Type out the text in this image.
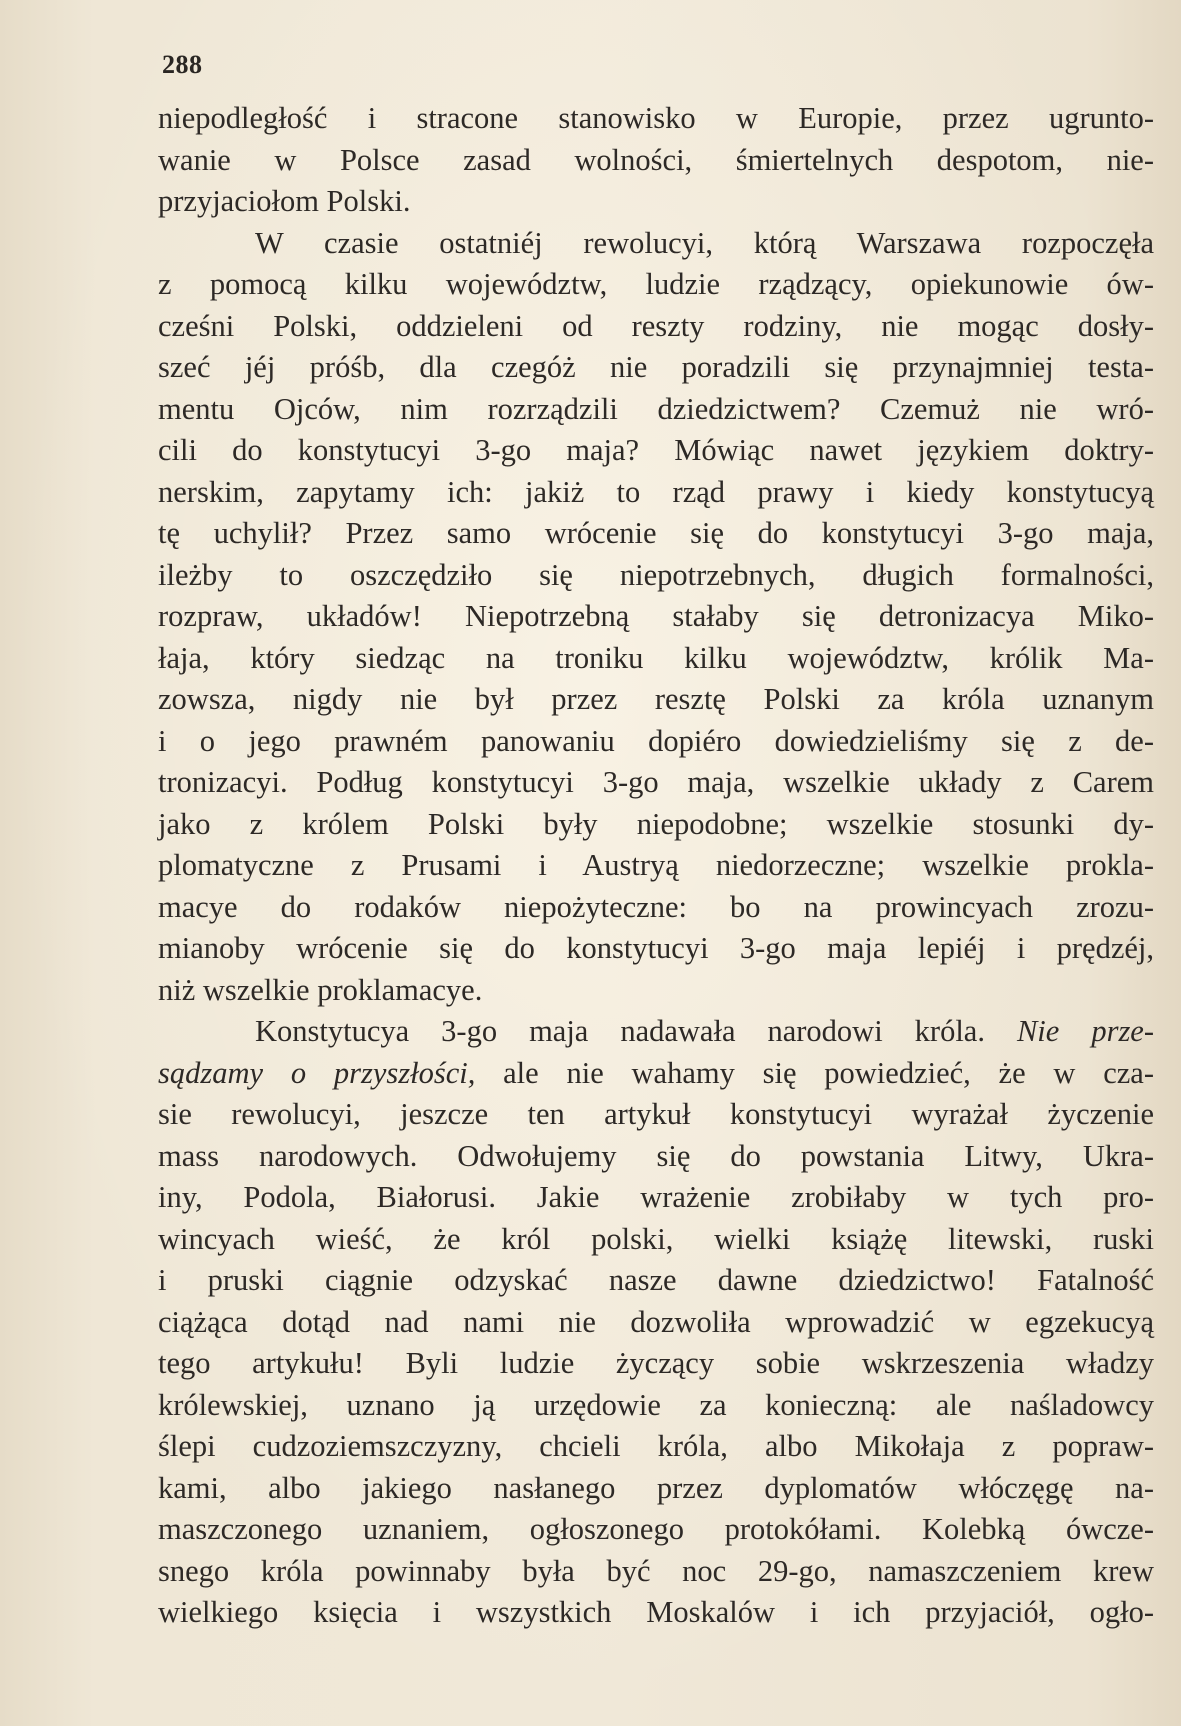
288
niepodległość i stracone stanowisko w Europie, przez ugrunto-
wanie w Polsce zasad wolności, śmiertelnych despotom, nie-
przyjaciołom Polski.
W czasie ostatniéj rewolucyi, którą Warszawa rozpoczęła
z pomocą kilku województw, ludzie rządzący, opiekunowie ów-
cześni Polski, oddzieleni od reszty rodziny, nie mogąc dosły-
szeć jéj próśb, dla czegóż nie poradzili się przynajmniej testa-
mentu Ojców, nim rozrządzili dziedzictwem? Czemuż nie wró-
cili do konstytucyi 3-go maja? Mówiąc nawet językiem doktry-
nerskim, zapytamy ich: jakiż to rząd prawy i kiedy konstytucyą
tę uchylił? Przez samo wrócenie się do konstytucyi 3-go maja,
ileżby to oszczędziło się niepotrzebnych, długich formalności,
rozpraw, układów! Niepotrzebną stałaby się detronizacya Miko-
łaja, który siedząc na troniku kilku województw, królik Ma-
zowsza, nigdy nie był przez resztę Polski za króla uznanym
i o jego prawném panowaniu dopiéro dowiedzieliśmy się z de-
tronizacyi. Podług konstytucyi 3-go maja, wszelkie układy z Carem
jako z królem Polski były niepodobne; wszelkie stosunki dy-
plomatyczne z Prusami i Austryą niedorzeczne; wszelkie prokla-
macye do rodaków niepożyteczne: bo na prowincyach zrozu-
mianoby wrócenie się do konstytucyi 3-go maja lepiéj i prędzéj,
niż wszelkie proklamacye.
Konstytucya 3-go maja nadawała narodowi króla. Nie prze-
sądzamy o przyszłości, ale nie wahamy się powiedzieć, że w cza-
sie rewolucyi, jeszcze ten artykuł konstytucyi wyrażał życzenie
mass narodowych. Odwołujemy się do powstania Litwy, Ukra-
iny, Podola, Białorusi. Jakie wrażenie zrobiłaby w tych pro-
wincyach wieść, że król polski, wielki książę litewski, ruski
i pruski ciągnie odzyskać nasze dawne dziedzictwo! Fatalność
ciążąca dotąd nad nami nie dozwoliła wprowadzić w egzekucyą
tego artykułu! Byli ludzie życzący sobie wskrzeszenia władzy
królewskiej, uznano ją urzędowie za konieczną: ale naśladowcy
ślepi cudzoziemszczyzny, chcieli króla, albo Mikołaja z popraw-
kami, albo jakiego nasłanego przez dyplomatów włóczęgę na-
maszczonego uznaniem, ogłoszonego protokółami. Kolebką ówcze-
snego króla powinnaby była być noc 29-go, namaszczeniem krew
wielkiego księcia i wszystkich Moskalów i ich przyjaciół, ogło-
